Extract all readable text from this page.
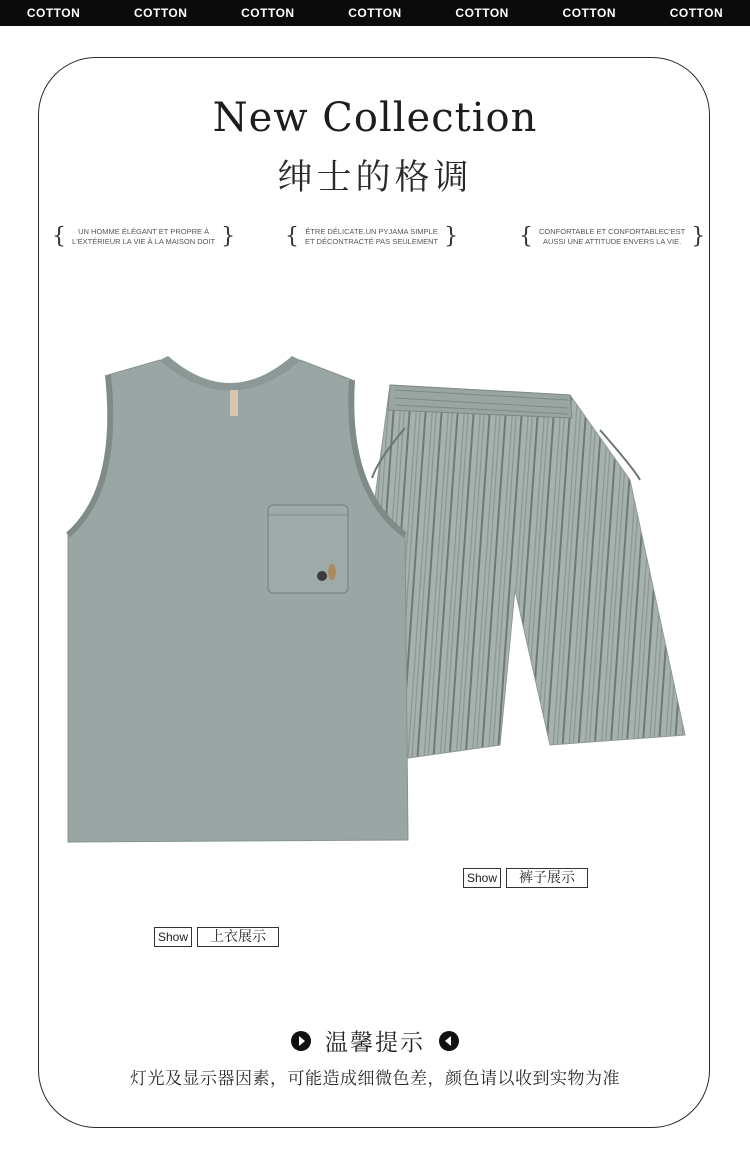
COTTON	COTTON	COTTON	COTTON	COTTON	COTTON	COTTON
New Collection
绅士的格调
{	UN HOMME ÉLÉGANT ET PROPRE À
L'EXTÉRIEUR LA VIE À LA MAISON DOIT } { ÊTRE DÉLICATE.UN PYJAMA SIMPLE
ET DÉCONTRACTÉ PAS SEULEMENT }	{ CONFORTABLE ET CONFORTABLEC'EST
AUSSI UNE ATTITUDE ENVERS LA VIE. }
Show	裤子展示
Show	上衣展示
温馨提示
灯光及显示器因素，可能造成细微色差，颜色请以收到实物为准
